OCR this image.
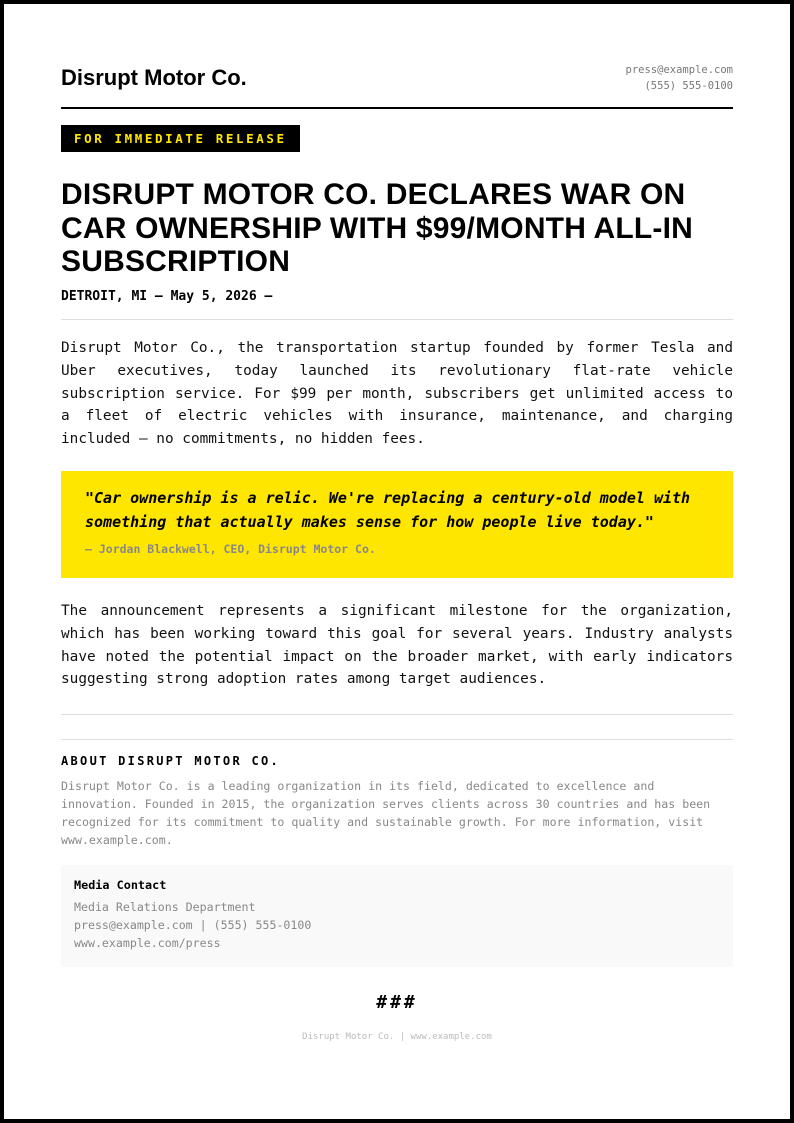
Disrupt Motor Co.	press@example.com
(555) 555-0100
FOR IMMEDIATE RELEASE
DISRUPT MOTOR CO. DECLARES WAR ON CAR OWNERSHIP WITH $99/MONTH ALL-IN SUBSCRIPTION
DETROIT, MI — May 5, 2026 —

Disrupt Motor Co., the transportation startup founded by former Tesla and Uber executives, today launched its revolutionary flat-rate vehicle subscription service. For $99 per month, subscribers get unlimited access to a fleet of electric vehicles with insurance, maintenance, and charging included — no commitments, no hidden fees.

"Car ownership is a relic. We're replacing a century-old model with something that actually makes sense for how people live today."
— Jordan Blackwell, CEO, Disrupt Motor Co.

The announcement represents a significant milestone for the organization, which has been working toward this goal for several years. Industry analysts have noted the potential impact on the broader market, with early indicators suggesting strong adoption rates among target audiences.

ABOUT DISRUPT MOTOR CO.

Disrupt Motor Co. is a leading organization in its field, dedicated to excellence and innovation. Founded in 2015, the organization serves clients across 30 countries and has been recognized for its commitment to quality and sustainable growth. For more information, visit www.example.com.

Media Contact
Media Relations Department
press@example.com | (555) 555-0100
www.example.com/press
###
Disrupt Motor Co. | www.example.com
